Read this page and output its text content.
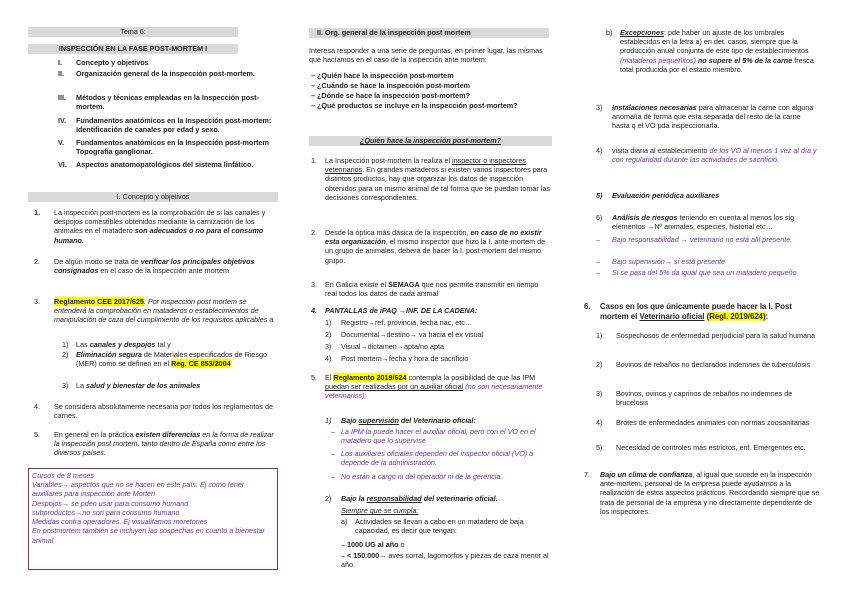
Tema 6:
INSPECCIÓN EN LA FASE POST-MORTEM I
I.	Concepto y objetivos
II.	Organización general de la inspección post-mortem.
III.	Métodos y técnicas empleadas en la Inspección post-mortem.
IV.	Fundamentos anatómicos en la Inspección post-mortem: Identificación de canales por edad y sexo.
V.	Fundamentos anatómicos en la Inspección post-mortem Topografía ganglionar.
VI.	Aspectos anatomopatológicos del sistema linfático.
I. Concepto y objetivos
1.	La inspección post-mortem es la comprobación de si las canales y despojos comestibles obtenidos mediante la carnización de los animales en el matadero son adecuados o no para el consumo humano.
2.	De algún modo se trata de verificar los principales objetivos consignados en el caso de la inspección ante mortem
3.	Reglamento CEE 2017/625: Por inspección post mortem se entenderá la comprobación en mataderos o establecimientos de manipulación de caza del cumplimiento de los requisitos aplicables a
1)	Las canales y despojos tal y
2)	Eliminación segura de Materiales especificados de Riesgo (MER) como se definen en el Reg. CE 853/2004
3)	La salud y bienestar de los animales
4.	Se considera absolutamente necesaria por todos los reglamentos de carnes.
5.	En general en la práctica existen diferencias en la forma de realizar la inspección post mortem, tanto dentro de España como entre los diversos países.
Cursos de 8 meses
Variables→ aspectos que no se hacen en este país. Ej como tener auxiliares para inspección ante Morten
Despojos→ se pden usar para consumo humano
subproductos→no son para consumo humano
Medidas contra operadores. Ej visualitamos moretones
En postmortem también se incluyen las sospechas en cuanto a bienestar animal
II. Org. general de la inspección post mortem
Interesa responder a una serie de preguntas, en primer lugar, las mismas que hacíamos en el caso de la inspección ante mortem:
– ¿Quién hace la inspección post-mortem
– ¿Cuándo se hace la inspección post-mortem
– ¿Dónde se hace la inspección post-mortem?
– ¿Qué productos se incluye en la inspección post-mortem?
¿Quién hace la inspección post-mortem?
1.	La Inspección post-mortem la realiza el inspector o inspectores veterinarios. En grandes mataderos si existen varios inspectores para distintos productos, hay que organizar los datos de inspección obtenidos para un mismo animal de tal forma que se puedan tomar las decisiones correspondientes.
2.	Desde la óptica más dásica de la inspección, en caso de no existir esta organización, el mismo inspector que hizo la I. ante-mortem de un grupo de animales, deberá de hacer la I. post-mortem del mismo grupo.
3.	En Galicia existe el SEMAGA que nos permite transmitir en tiempo real todos los datos de cada animal
4.	PANTALLAS de iPAQ →INF. DE LA CADENA:
1)	Registro→ref. provincia, fecha nac, etc…
2)	Documental→destino→ va hacia el ex visual
3)	Visual→dictamen→apta/no apta
4)	Post mortem→fecha y hora de sacrificio
5.	El Reglamento 2019/624 contempla la posibilidad de que las IPM puedan ser realizadas por un auxiliar oficial (no son necesariamente veterinarios):
1)	Bajo supervisión del Veterinario oficial:
– La IPM la puede hacer el auxiliar oficial, pero con el VO en el matadero que lo supervise
– Los auxiliares oficiales dependen del inspector oficial (VO) a depende de la administración.
– No están a cargo ni del operador ni de la gerencia.
2)	Bajo la responsabilidad del veterinario oficial.
Siempre que se cumpla:
a)	Actividades se llevan a cabo en un matadero de baja capacidad, es decir que tengan:
– 1000 UG al año o
– < 150.000→ aves corral, lagomorfos y piezas de caza menor al año.
b)	Excepciones: pde haber un ajuste de los umbrales establecidos en la letra a) en det. casos, siempre que la producción anual conjunta de este tipo de establecimientos (mataderos pequeñitos) no supere el 5% de la carne fresca total producida por el estado miembro.
3)	Instalaciones necesarias para almacenar la carne con alguna anomalía de forma que esta separada del resto de la carne hasta q el VO pda inspeccionarla.
4)	visita diaria al establecimiento de los VO al menos 1 vez al día y con regularidad durante las actividades de sacrificio.
5)	Evaluación periódica auxiliares
6)	Análisis de riesgos teniendo en cuenta al menos los sig elementos →Nº animales, especies, historial etc…
–	Bajo responsabilidad → veterinario no está allí presente.
–	Bajo supervisión→ sí está presente
–	Si se pasa del 5% da igual que sea un matadero pequeño
6.	Casos en los que únicamente puede hacer la I. Post mortem el Veterinario oficial (Regl. 2019/624):
1)	Sospechosos de enfermedad perjudicial para la salud humana
2)	Bovinos de rebaños no declarados indemnes de tuberculosis
3)	Bovinos, ovinos y caprinos de rebaños no indemnes de brucelosis
4)	Brotes de enfermedades animales con normas zoosanitarias
5)	Necesidad de controles más estrictos, enf. Emergentes etc.
7.	Bajo un clima de confianza, al igual que sucede en la inspección ante-mortem, personal de la empresa puede ayudarnos a la realización de estos aspectos prácticos. Recordando siempre que se trata de personal de la empresa y no directamente dependiente de los inspectores.
